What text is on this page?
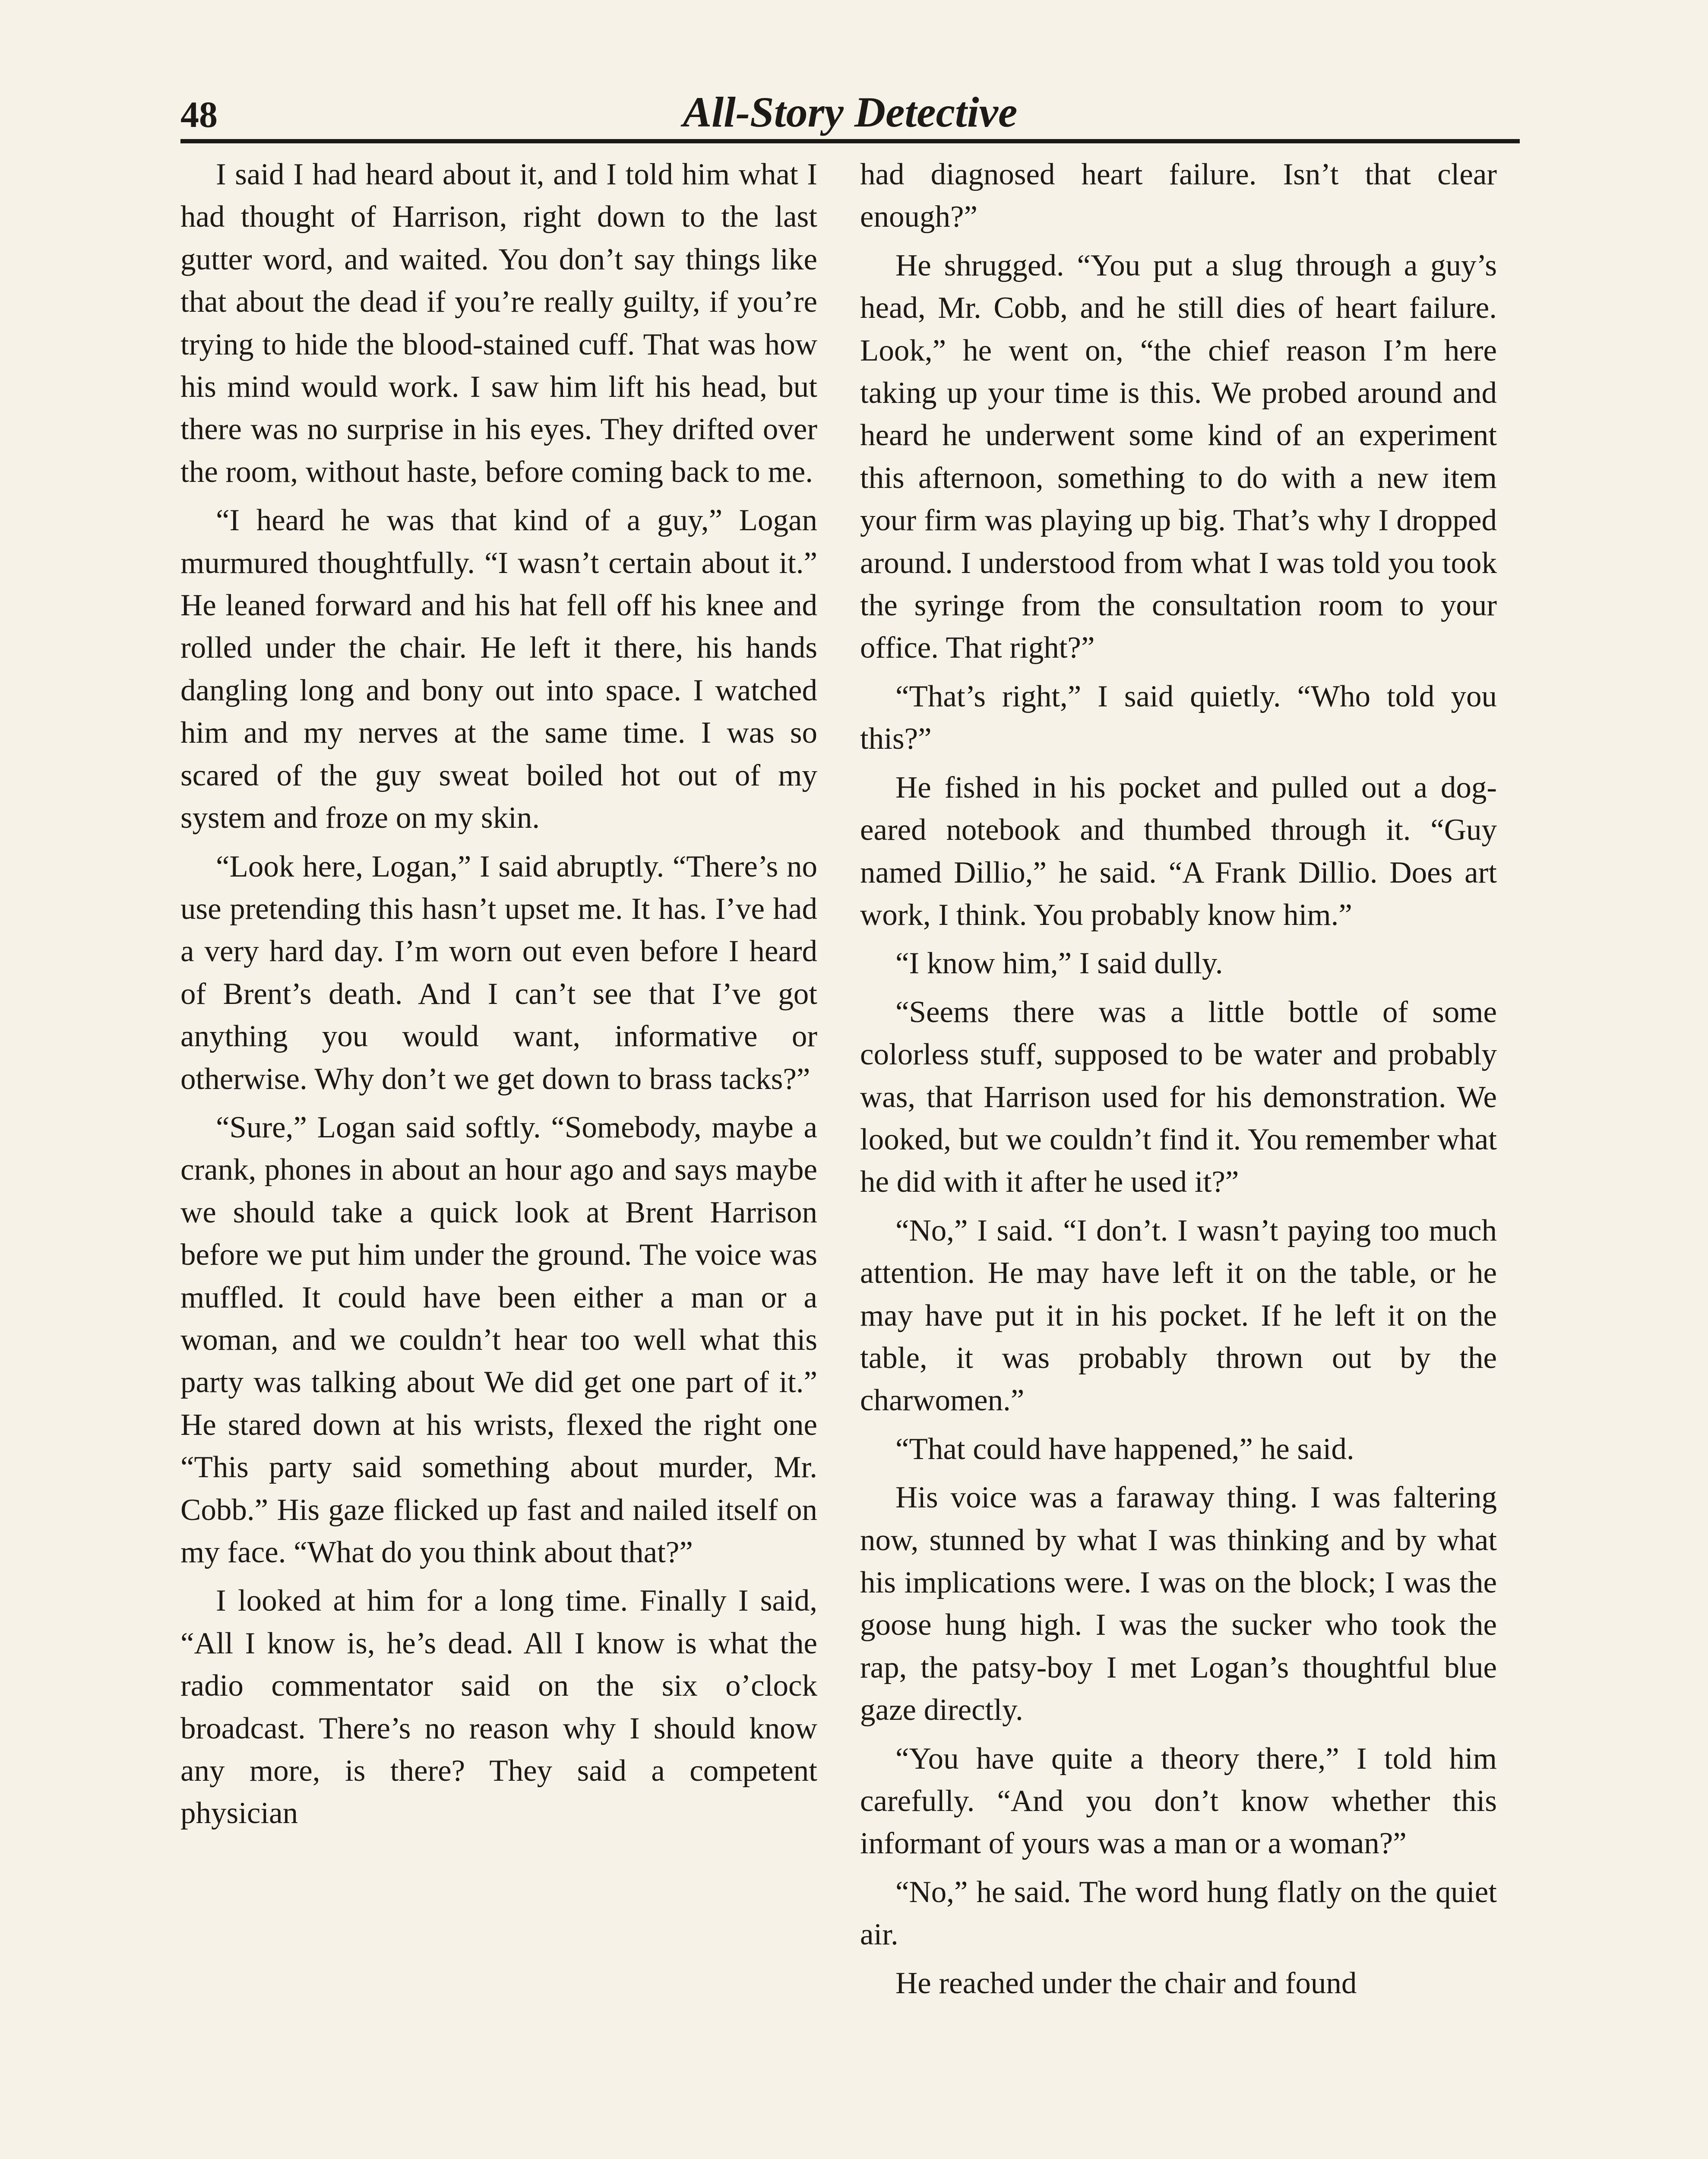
48	All-Story Detective

I said I had heard about it, and I told him what I had thought of Harrison, right down to the last gutter word, and waited. You don’t say things like that about the dead if you’re really guilty, if you’re trying to hide the blood-stained cuff. That was how his mind would work. I saw him lift his head, but there was no surprise in his eyes. They drifted over the room, without haste, before coming back to me.

“I heard he was that kind of a guy,” Logan murmured thoughtfully. “I wasn’t certain about it.” He leaned forward and his hat fell off his knee and rolled under the chair. He left it there, his hands dangling long and bony out into space. I watched him and my nerves at the same time. I was so scared of the guy sweat boiled hot out of my system and froze on my skin.

“Look here, Logan,” I said abruptly. “There’s no use pretending this hasn’t upset me. It has. I’ve had a very hard day. I’m worn out even before I heard of Brent’s death. And I can’t see that I’ve got anything you would want, informative or otherwise. Why don’t we get down to brass tacks?”

“Sure,” Logan said softly. “Somebody, maybe a crank, phones in about an hour ago and says maybe we should take a quick look at Brent Harrison before we put him under the ground. The voice was muffled. It could have been either a man or a woman, and we couldn’t hear too well what this party was talking about We did get one part of it.” He stared down at his wrists, flexed the right one “This party said something about murder, Mr. Cobb.” His gaze flicked up fast and nailed itself on my face. “What do you think about that?”

I looked at him for a long time. Finally I said, “All I know is, he’s dead. All I know is what the radio commentator said on the six o’clock broadcast. There’s no reason why I should know any more, is there? They said a competent physician

had diagnosed heart failure. Isn’t that clear enough?”

He shrugged. “You put a slug through a guy’s head, Mr. Cobb, and he still dies of heart failure. Look,” he went on, “the chief reason I’m here taking up your time is this. We probed around and heard he underwent some kind of an experiment this afternoon, something to do with a new item your firm was playing up big. That’s why I dropped around. I understood from what I was told you took the syringe from the consultation room to your office. That right?”

“That’s right,” I said quietly. “Who told you this?”

He fished in his pocket and pulled out a dog-eared notebook and thumbed through it. “Guy named Dillio,” he said. “A Frank Dillio. Does art work, I think. You probably know him.”

“I know him,” I said dully.

“Seems there was a little bottle of some colorless stuff, supposed to be water and probably was, that Harrison used for his demonstration. We looked, but we couldn’t find it. You remember what he did with it after he used it?”

“No,” I said. “I don’t. I wasn’t paying too much attention. He may have left it on the table, or he may have put it in his pocket. If he left it on the table, it was probably thrown out by the charwomen.”

“That could have happened,” he said.

His voice was a faraway thing. I was faltering now, stunned by what I was thinking and by what his implications were. I was on the block; I was the goose hung high. I was the sucker who took the rap, the patsy-boy I met Logan’s thoughtful blue gaze directly.

“You have quite a theory there,” I told him carefully. “And you don’t know whether this informant of yours was a man or a woman?”

“No,” he said. The word hung flatly on the quiet air.

He reached under the chair and found
